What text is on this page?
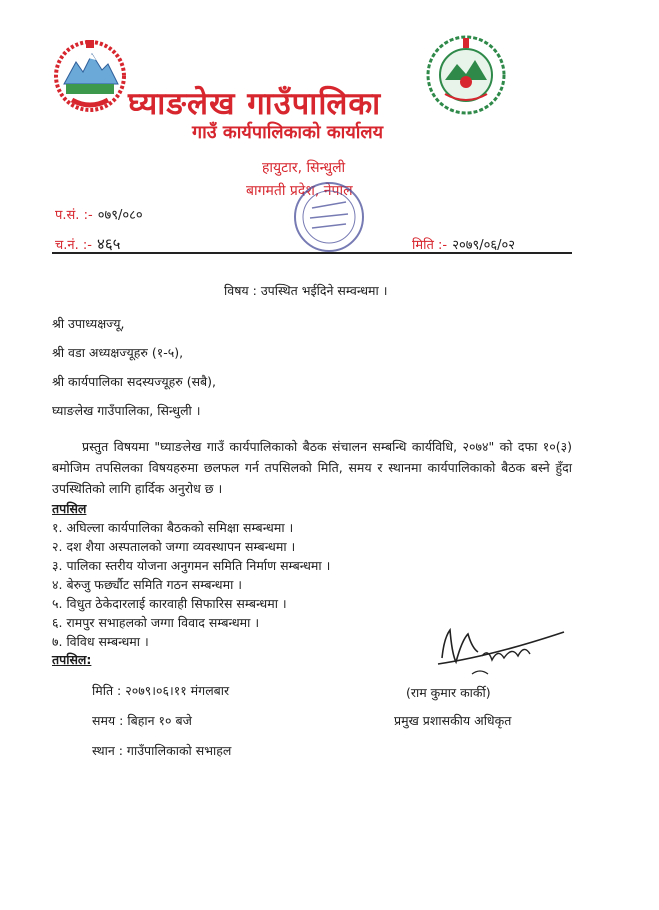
घ्याङलेख गाउँपालिका
गाउँ कार्यपालिकाको कार्यालय
हायुटार, सिन्धुली
बागमती प्रदेश, नेपाल
प.सं. :- ०७९/०८०
च.नं. :- ४६५	मिति :- २०७९/०६/०२
विषय : उपस्थित भईदिने सम्वन्धमा ।
श्री उपाध्यक्षज्यू,
श्री वडा अध्यक्षज्यूहरु (१-५),
श्री कार्यपालिका सदस्यज्यूहरु (सबै),
घ्याङलेख गाउँपालिका, सिन्धुली ।
प्रस्तुत विषयमा "घ्याङलेख गाउँ कार्यपालिकाको बैठक संचालन सम्बन्धि कार्यविधि, २०७४" को दफा १०(३) बमोजिम तपसिलका विषयहरुमा छलफल गर्न तपसिलको मिति, समय र स्थानमा कार्यपालिकाको बैठक बस्ने हुँदा उपस्थितिको लागि हार्दिक अनुरोध छ ।
तपसिल
१. अघिल्ला कार्यपालिका बैठकको समिक्षा सम्बन्धमा ।
२. दश शैया अस्पतालको जग्गा व्यवस्थापन सम्बन्धमा ।
३. पालिका स्तरीय योजना अनुगमन समिति निर्माण सम्बन्धमा ।
४. बेरुजु फर्छ्यौट समिति गठन सम्बन्धमा ।
५. विधुत ठेकेदारलाई कारवाही सिफारिस सम्बन्धमा ।
६. रामपुर सभाहलको जग्गा विवाद सम्बन्धमा ।
७. विविध सम्बन्धमा ।
तपसिल:
मिति : २०७९।०६।११ मंगलबार
समय : बिहान १० बजे
स्थान : गाउँपालिकाको सभाहल
(राम कुमार कार्की)
प्रमुख प्रशासकीय अधिकृत
